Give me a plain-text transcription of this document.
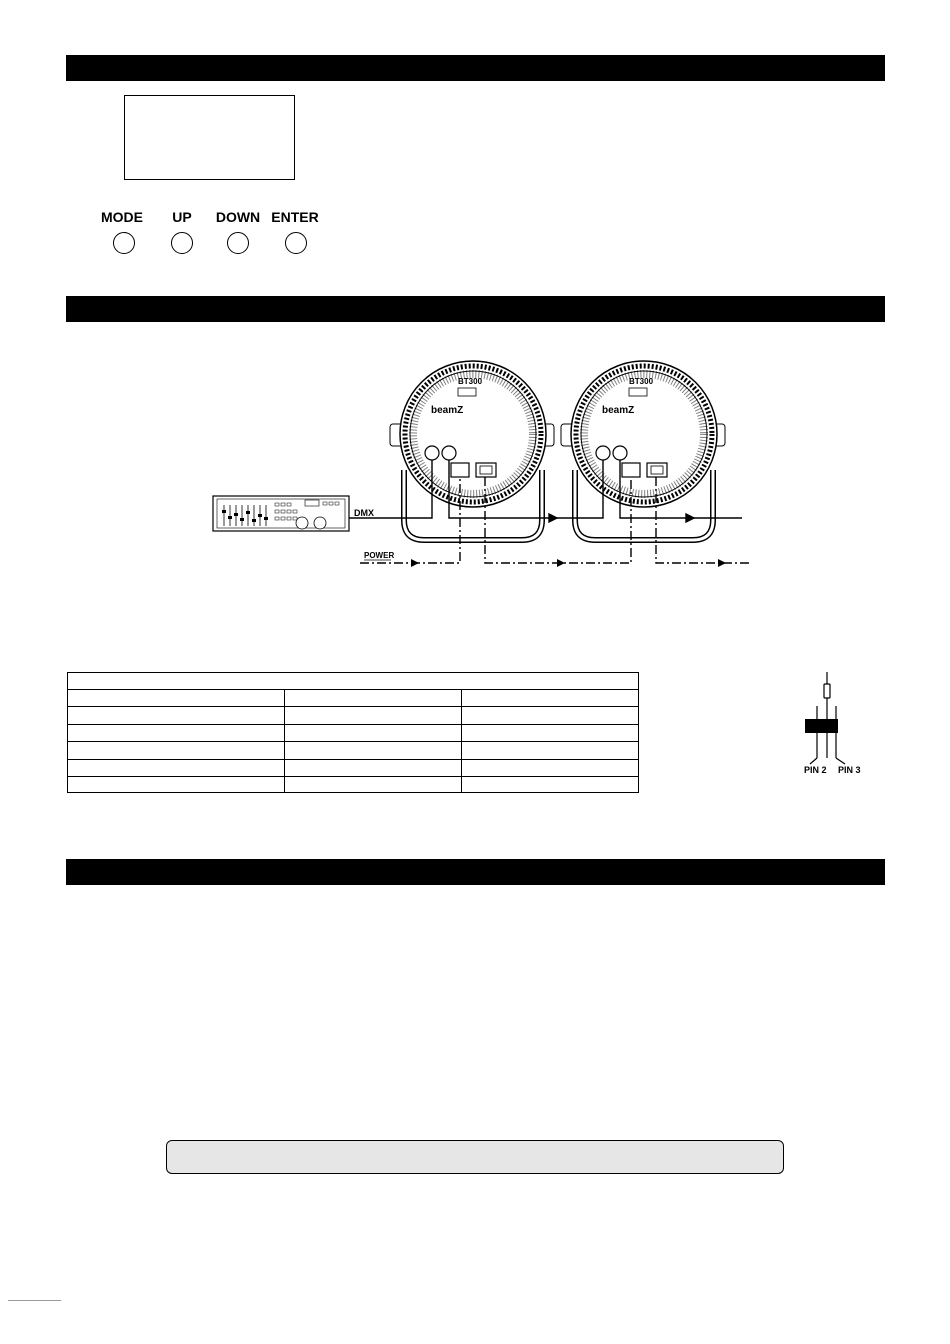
MODE	UP	DOWN ENTER
BT300
beamZ
BT300
beamZ
DMX
POWER
PIN 2 PIN 3
